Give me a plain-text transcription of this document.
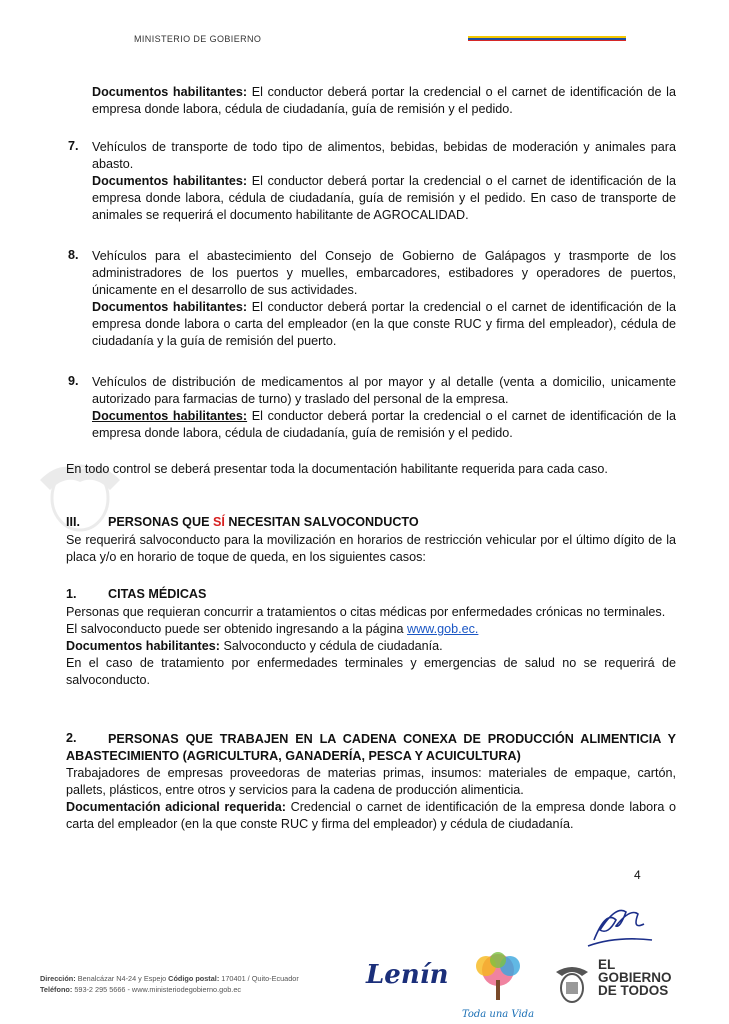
MINISTERIO DE GOBIERNO
Documentos habilitantes: El conductor deberá portar la credencial o el carnet de identificación de la empresa donde labora, cédula de ciudadanía, guía de remisión y el pedido.
7. Vehículos de transporte de todo tipo de alimentos, bebidas, bebidas de moderación y animales para abasto.
Documentos habilitantes: El conductor deberá portar la credencial o el carnet de identificación de la empresa donde labora, cédula de ciudadanía, guía de remisión y el pedido. En caso de transporte de animales se requerirá el documento habilitante de AGROCALIDAD.
8. Vehículos para el abastecimiento del Consejo de Gobierno de Galápagos y trasmporte de los administradores de los puertos y muelles, embarcadores, estibadores y operadores de puertos, únicamente en el desarrollo de sus actividades.
Documentos habilitantes: El conductor deberá portar la credencial o el carnet de identificación de la empresa donde labora o carta del empleador (en la que conste RUC y firma del empleador), cédula de ciudadanía y la guía de remisión del puerto.
9. Vehículos de distribución de medicamentos al por mayor y al detalle (venta a domicilio, unicamente autorizado para farmacias de turno) y traslado del personal de la empresa.
Documentos habilitantes: El conductor deberá portar la credencial o el carnet de identificación de la empresa donde labora, cédula de ciudadanía, guía de remisión y el pedido.
En todo control se deberá presentar toda la documentación habilitante requerida para cada caso.
III. PERSONAS QUE SÍ NECESITAN SALVOCONDUCTO
Se requerirá salvoconducto para la movilización en horarios de restricción vehicular por el último dígito de la placa y/o en horario de toque de queda, en los siguientes casos:
1. CITAS MÉDICAS
Personas que requieran concurrir a tratamientos o citas médicas por enfermedades crónicas no terminales.
El salvoconducto puede ser obtenido ingresando a la página www.gob.ec.
Documentos habilitantes: Salvoconducto y cédula de ciudadanía.
En el caso de tratamiento por enfermedades terminales y emergencias de salud no se requerirá de salvoconducto.
2.	PERSONAS QUE TRABAJEN EN LA CADENA CONEXA DE PRODUCCIÓN ALIMENTICIA Y ABASTECIMIENTO (AGRICULTURA, GANADERÍA, PESCA Y ACUICULTURA)
Trabajadores de empresas proveedoras de materias primas, insumos: materiales de empaque, cartón, pallets, plásticos, entre otros y servicios para la cadena de producción alimenticia.
Documentación adicional requerida: Credencial o carnet de identificación de la empresa donde labora o carta del empleador (en la que conste RUC y firma del empleador) y cédula de ciudadanía.
4
Dirección: Benalcázar N4-24 y Espejo Código postal: 170401 / Quito-Ecuador
Teléfono: 593-2 295 5666 - www.ministeriodegobierno.gob.ec	Lenín
Toda una Vida
EL
GOBIERNO
DE TODOS
